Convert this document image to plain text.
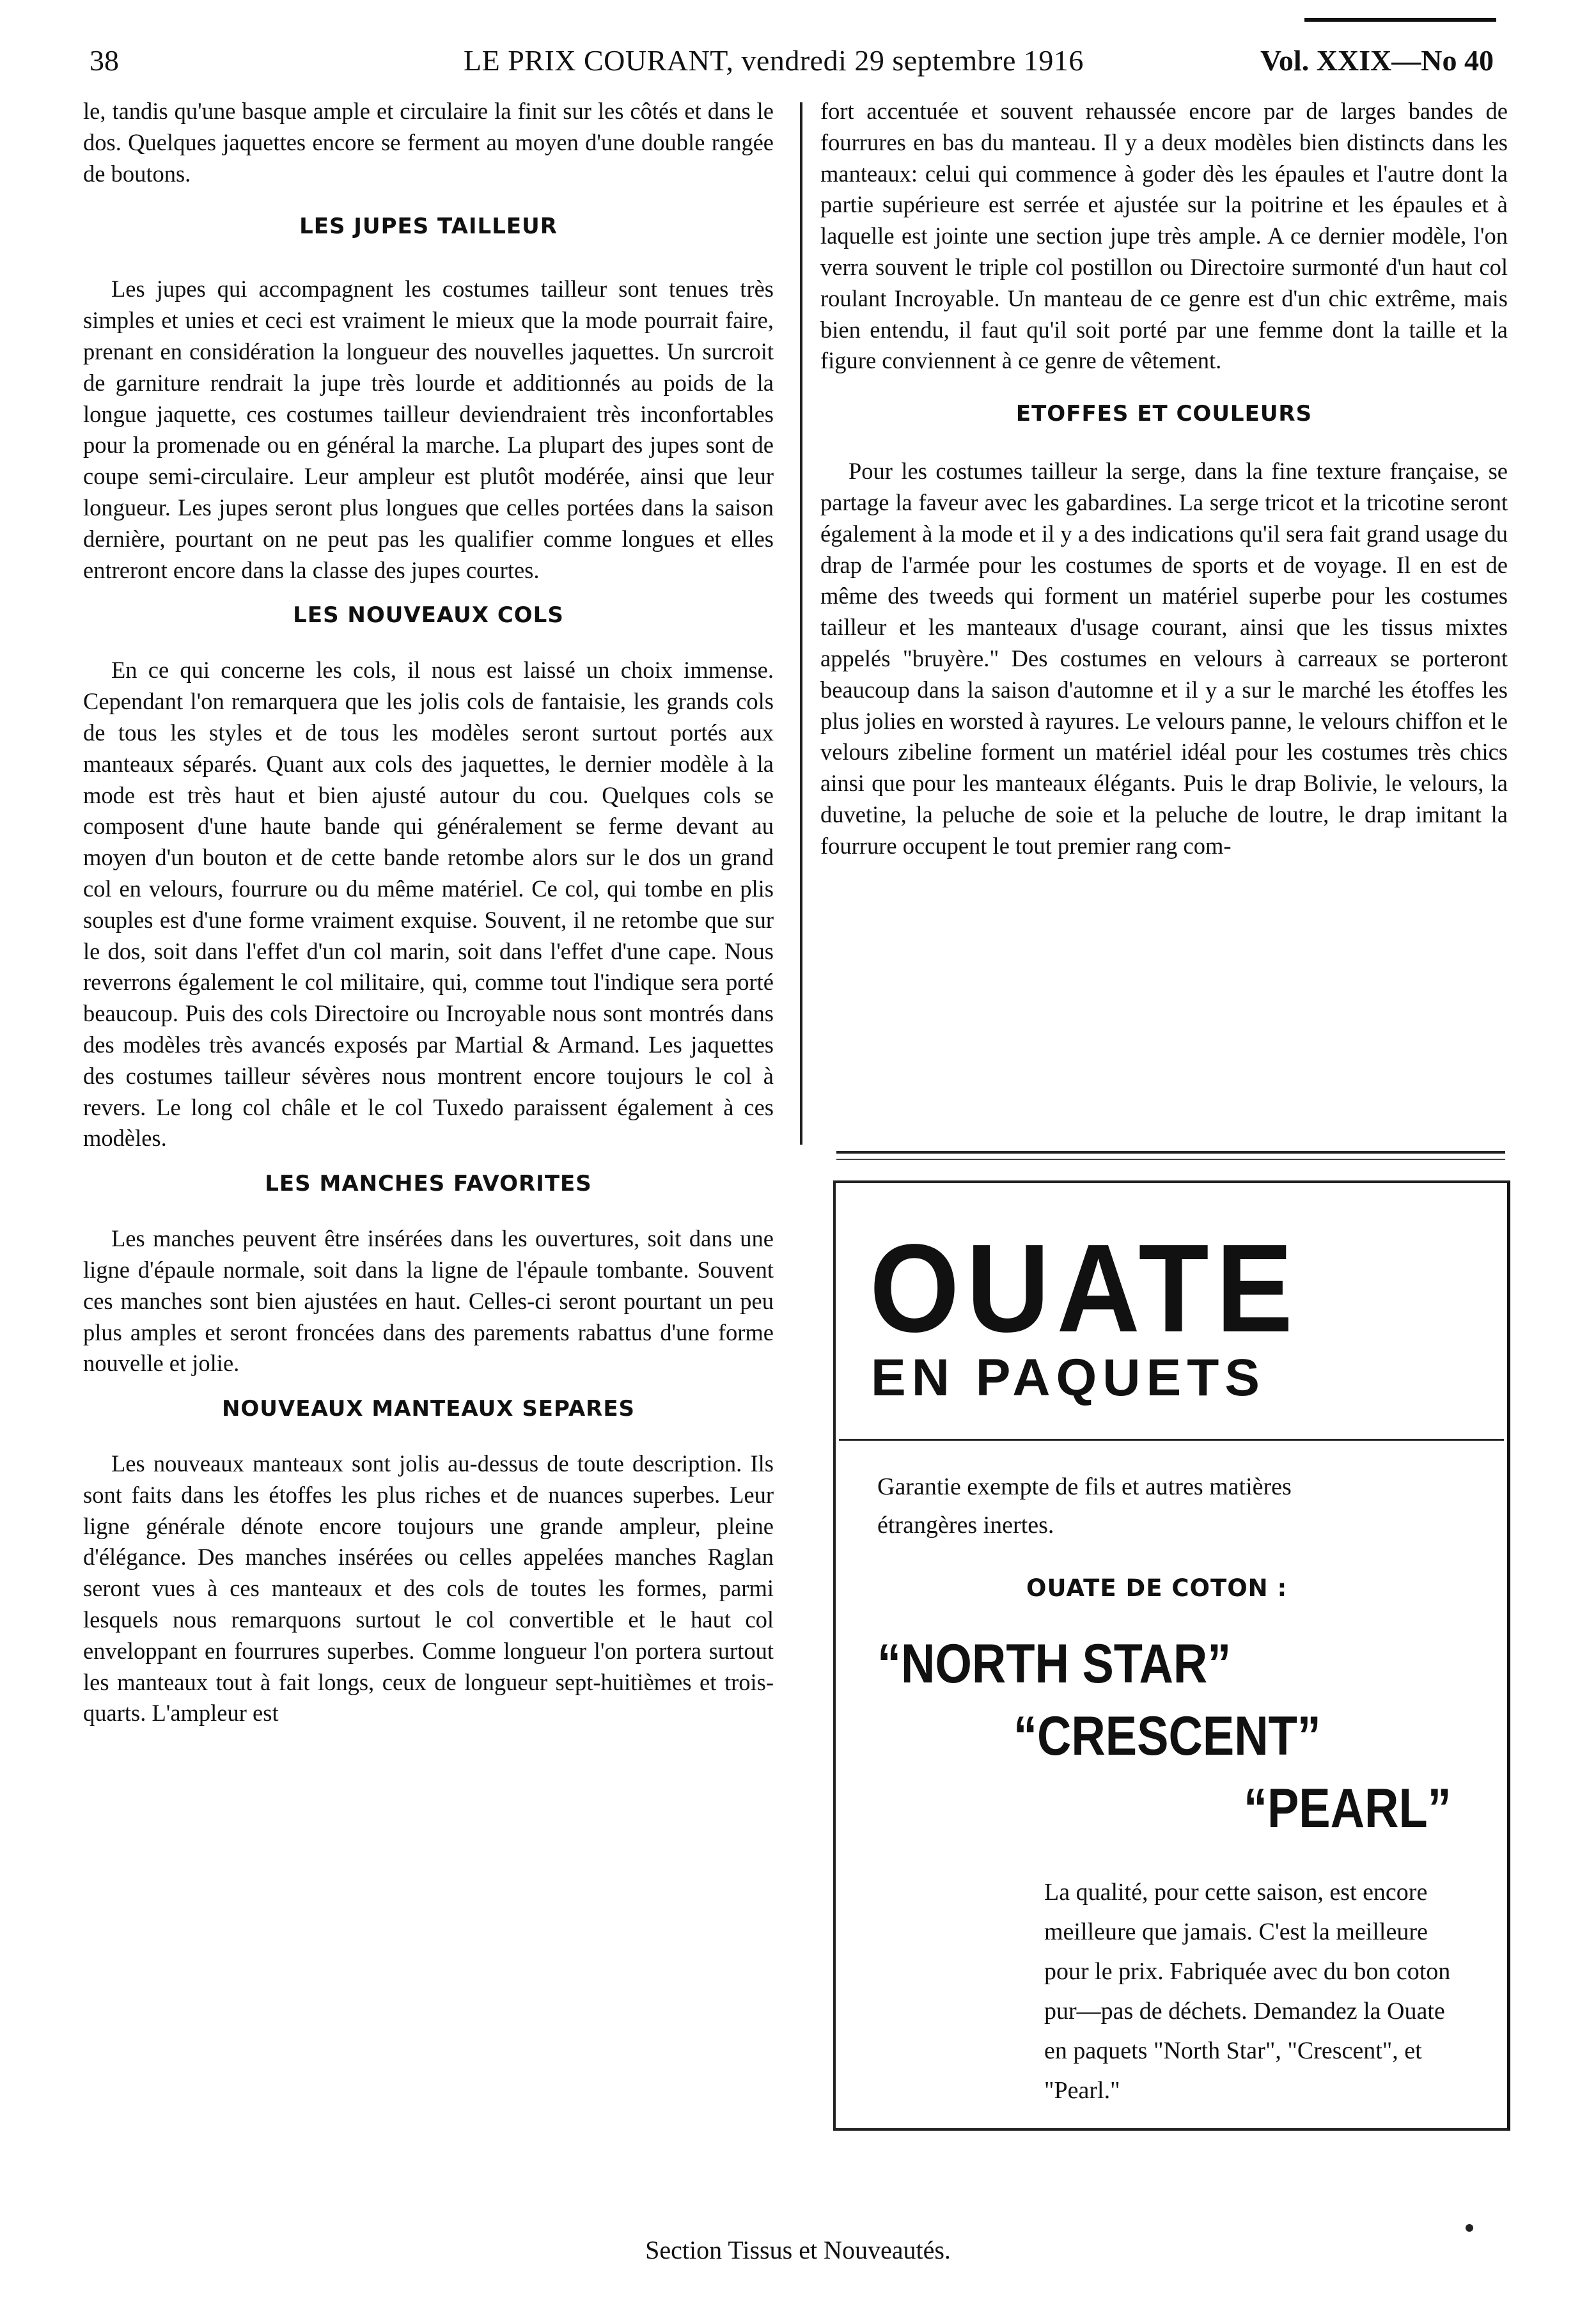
38	LE PRIX COURANT, vendredi 29 septembre 1916	Vol. XXIX—No 40

le, tandis qu'une basque ample et circulaire la finit sur les côtés et dans le dos. Quelques jaquettes encore se ferment au moyen d'une double rangée de boutons.

LES JUPES TAILLEUR

Les jupes qui accompagnent les costumes tailleur sont tenues très simples et unies et ceci est vraiment le mieux que la mode pourrait faire, prenant en considération la longueur des nouvelles jaquettes. Un surcroit de garniture rendrait la jupe très lourde et additionnés au poids de la longue jaquette, ces costumes tailleur deviendraient très inconfortables pour la promenade ou en général la marche. La plupart des jupes sont de coupe semi-circulaire. Leur ampleur est plutôt modérée, ainsi que leur longueur. Les jupes seront plus longues que celles portées dans la saison dernière, pourtant on ne peut pas les qualifier comme longues et elles entreront encore dans la classe des jupes courtes.

LES NOUVEAUX COLS

En ce qui concerne les cols, il nous est laissé un choix immense. Cependant l'on remarquera que les jolis cols de fantaisie, les grands cols de tous les styles et de tous les modèles seront surtout portés aux manteaux séparés. Quant aux cols des jaquettes, le dernier modèle à la mode est très haut et bien ajusté autour du cou. Quelques cols se composent d'une haute bande qui généralement se ferme devant au moyen d'un bouton et de cette bande retombe alors sur le dos un grand col en velours, fourrure ou du même matériel. Ce col, qui tombe en plis souples est d'une forme vraiment exquise. Souvent, il ne retombe que sur le dos, soit dans l'effet d'un col marin, soit dans l'effet d'une cape. Nous reverrons également le col militaire, qui, comme tout l'indique sera porté beaucoup. Puis des cols Directoire ou Incroyable nous sont montrés dans des modèles très avancés exposés par Martial & Armand. Les jaquettes des costumes tailleur sévères nous montrent encore toujours le col à revers. Le long col châle et le col Tuxedo paraissent également à ces modèles.

LES MANCHES FAVORITES

Les manches peuvent être insérées dans les ouvertures, soit dans une ligne d'épaule normale, soit dans la ligne de l'épaule tombante. Souvent ces manches sont bien ajustées en haut. Celles-ci seront pourtant un peu plus amples et seront froncées dans des parements rabattus d'une forme nouvelle et jolie.

NOUVEAUX MANTEAUX SEPARES

Les nouveaux manteaux sont jolis au-dessus de toute description. Ils sont faits dans les étoffes les plus riches et de nuances superbes. Leur ligne générale dénote encore toujours une grande ampleur, pleine d'élégance. Des manches insérées ou celles appelées manches Raglan seront vues à ces manteaux et des cols de toutes les formes, parmi lesquels nous remarquons surtout le col convertible et le haut col enveloppant en fourrures superbes. Comme longueur l'on portera surtout les manteaux tout à fait longs, ceux de longueur sept-huitièmes et trois-quarts. L'ampleur est

fort accentuée et souvent rehaussée encore par de larges bandes de fourrures en bas du manteau. Il y a deux modèles bien distincts dans les manteaux: celui qui commence à goder dès les épaules et l'autre dont la partie supérieure est serrée et ajustée sur la poitrine et les épaules et à laquelle est jointe une section jupe très ample. A ce dernier modèle, l'on verra souvent le triple col postillon ou Directoire surmonté d'un haut col roulant Incroyable. Un manteau de ce genre est d'un chic extrême, mais bien entendu, il faut qu'il soit porté par une femme dont la taille et la figure conviennent à ce genre de vêtement.

ETOFFES ET COULEURS

Pour les costumes tailleur la serge, dans la fine texture française, se partage la faveur avec les gabardines. La serge tricot et la tricotine seront également à la mode et il y a des indications qu'il sera fait grand usage du drap de l'armée pour les costumes de sports et de voyage. Il en est de même des tweeds qui forment un matériel superbe pour les costumes tailleur et les manteaux d'usage courant, ainsi que les tissus mixtes appelés "bruyère." Des costumes en velours à carreaux se porteront beaucoup dans la saison d'automne et il y a sur le marché les étoffes les plus jolies en worsted à rayures. Le velours panne, le velours chiffon et le velours zibeline forment un matériel idéal pour les costumes très chics ainsi que pour les manteaux élégants. Puis le drap Bolivie, le velours, la duvetine, la peluche de soie et la peluche de loutre, le drap imitant la fourrure occupent le tout premier rang com-

OUATE
EN PAQUETS
Garantie exempte de fils et autres matières étrangères inertes.
OUATE DE COTON :
“NORTH STAR”
“CRESCENT”
“PEARL”
La qualité, pour cette saison, est encore meilleure que jamais. C'est la meilleure pour le prix. Fabriquée avec du bon coton pur—pas de déchets. Demandez la Ouate en paquets "North Star", "Crescent", et "Pearl."
Section Tissus et Nouveautés.
